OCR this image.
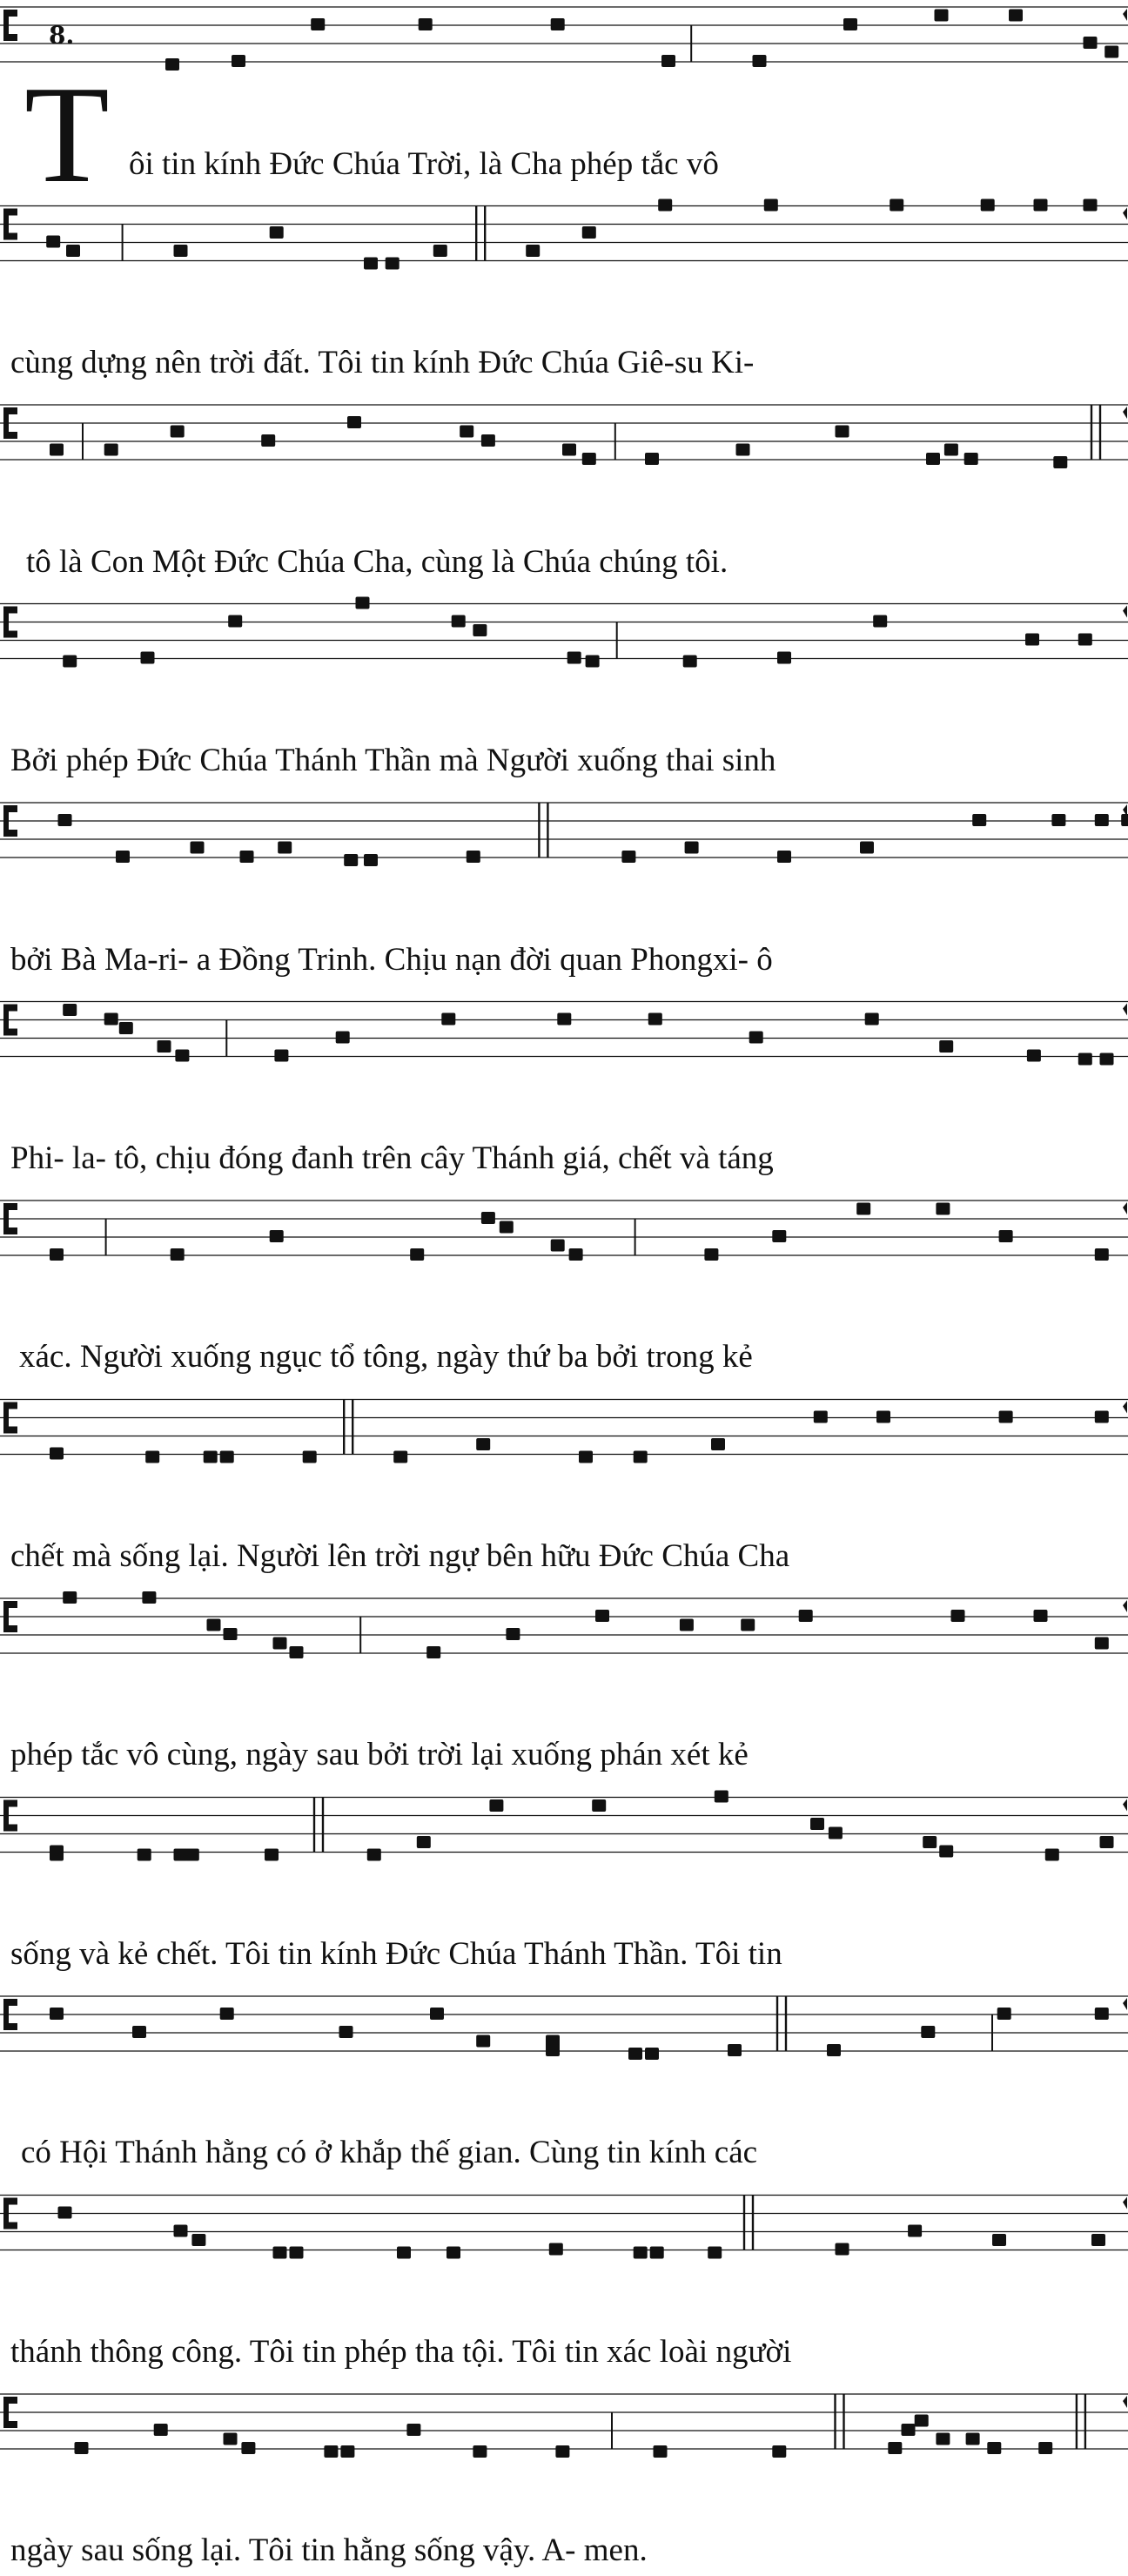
8.
T ôi tin kính Đức Chúa Trời, là Cha phép tắc vô
cùng dựng nên trời đất. Tôi tin kính Đức Chúa Giê-su Ki-
tô là Con Một Đức Chúa Cha, cùng là Chúa chúng tôi.
Bởi phép Đức Chúa Thánh Thần mà Người xuống thai sinh
bởi Bà Ma-ri- a Đồng Trinh. Chịu nạn đời quan Phongxi- ô
Phi- la- tô, chịu đóng đanh trên cây Thánh giá, chết và táng
xác. Người xuống ngục tổ tông, ngày thứ ba bởi trong kẻ
chết mà sống lại. Người lên trời ngự bên hữu Đức Chúa Cha
phép tắc vô cùng, ngày sau bởi trời lại xuống phán xét kẻ
sống và kẻ chết. Tôi tin kính Đức Chúa Thánh Thần. Tôi tin
có Hội Thánh hằng có ở khắp thế gian. Cùng tin kính các
thánh thông công. Tôi tin phép tha tội. Tôi tin xác loài người
ngày sau sống lại. Tôi tin hằng sống vậy. A- men.
